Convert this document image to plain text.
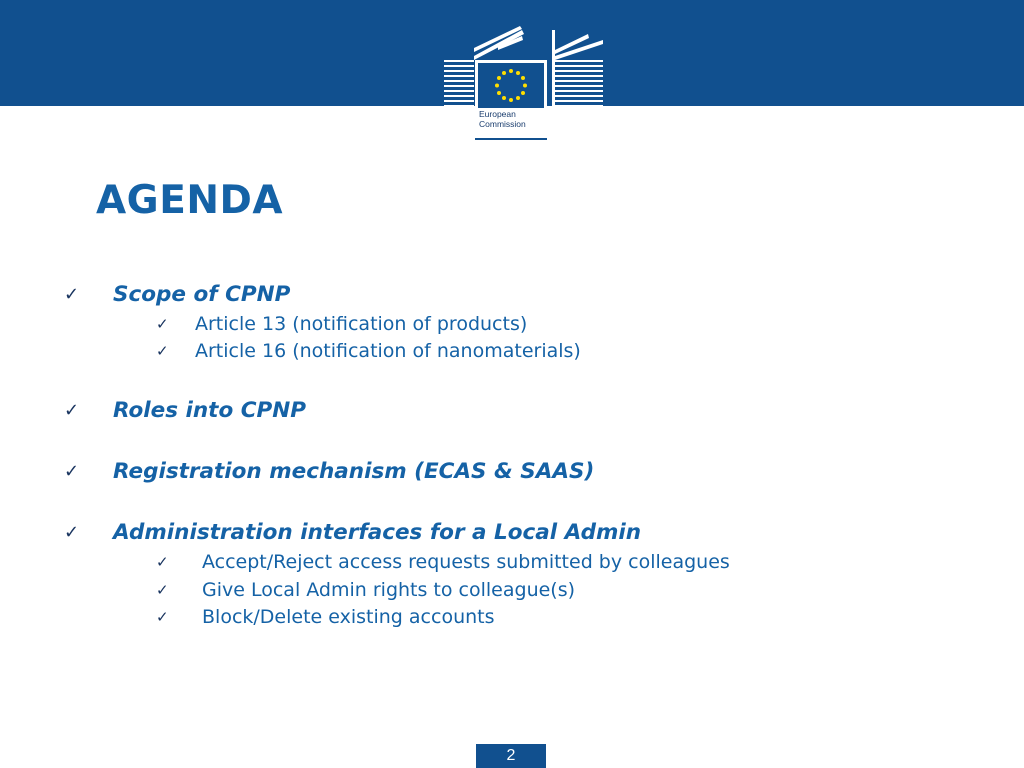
European
Commission
AGENDA
✓ Scope of CPNP
✓ Article 13 (notification of products)
✓ Article 16 (notification of nanomaterials)
✓ Roles into CPNP
✓ Registration mechanism (ECAS & SAAS)
✓ Administration interfaces for a Local Admin
✓ Accept/Reject access requests submitted by colleagues
✓ Give Local Admin rights to colleague(s)
✓ Block/Delete existing accounts
2
